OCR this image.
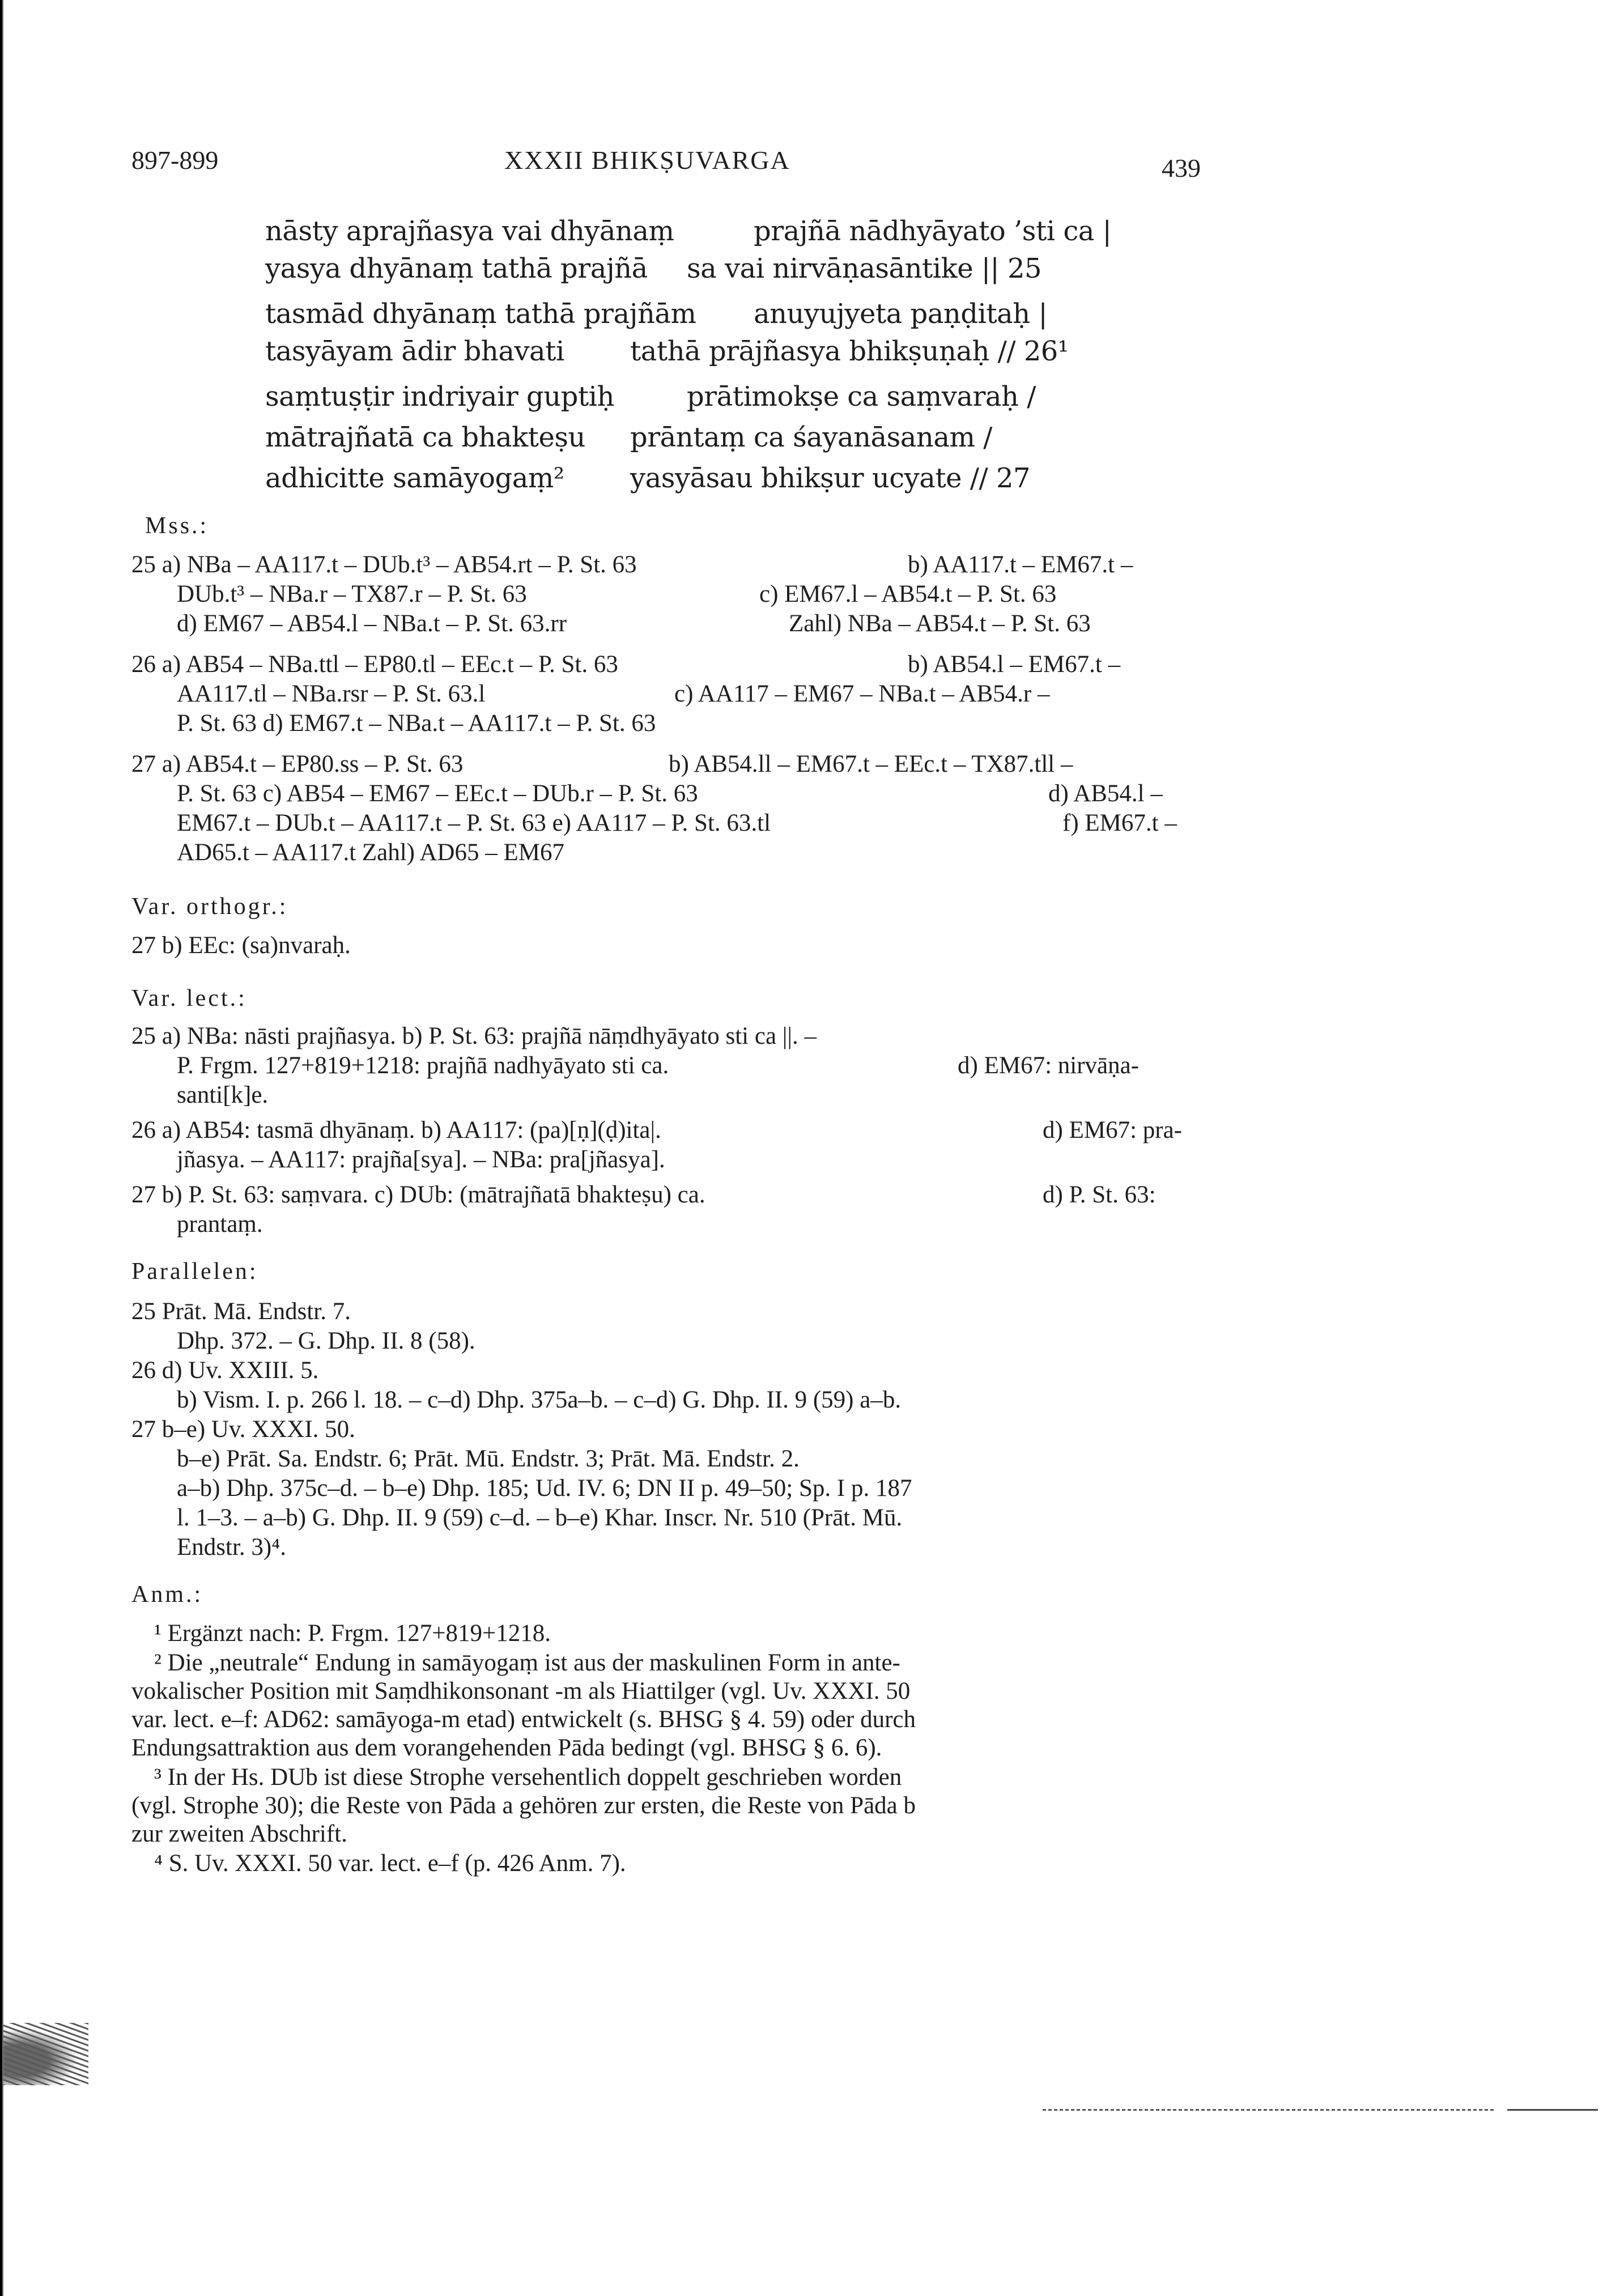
897-899	XXXII BHIKṢUVARGA	439
nāsty aprajñasya vai dhyānaṃ	prajñā nādhyāyato ’sti ca |
yasya dhyānaṃ tathā prajñā sa vai nirvāṇasāntike || 25
tasmād dhyānaṃ tathā prajñām anuyujyeta paṇḍitaḥ |
tasyāyam ādir bhavati tathā prājñasya bhikṣuṇaḥ // 26¹
saṃtuṣṭir indriyair guptiḥ	prātimokṣe ca saṃvaraḥ /
mātrajñatā ca bhakteṣu prāntaṃ ca śayanāsanam /
adhicitte samāyogaṃ² yasyāsau bhikṣur ucyate // 27
Mss.:
25 a) NBa – AA117.t – DUb.t³ – AB54.rt – P. St. 63	b) AA117.t – EM67.t –
DUb.t³ – NBa.r – TX87.r – P. St. 63	c) EM67.l – AB54.t – P. St. 63
d) EM67 – AB54.l – NBa.t – P. St. 63.rr	Zahl) NBa – AB54.t – P. St. 63
26 a) AB54 – NBa.ttl – EP80.tl – EEc.t – P. St. 63	b) AB54.l – EM67.t –
AA117.tl – NBa.rsr – P. St. 63.l	c) AA117 – EM67 – NBa.t – AB54.r –
P. St. 63 d) EM67.t – NBa.t – AA117.t – P. St. 63
27 a) AB54.t – EP80.ss – P. St. 63	b) AB54.ll – EM67.t – EEc.t – TX87.tll –
P. St. 63 c) AB54 – EM67 – EEc.t – DUb.r – P. St. 63	d) AB54.l –
EM67.t – DUb.t – AA117.t – P. St. 63 e) AA117 – P. St. 63.tl	f) EM67.t –
AD65.t – AA117.t Zahl) AD65 – EM67
Var. orthogr.:
27 b) EEc: (sa)nvaraḥ.
Var. lect.:
25 a) NBa: nāsti prajñasya. b) P. St. 63: prajñā nāṃdhyāyato sti ca ||. –
P. Frgm. 127+819+1218: prajñā nadhyāyato sti ca.	d) EM67: nirvāṇa-
santi[k]e.
26 a) AB54: tasmā dhyānaṃ. b) AA117: (pa)[ṇ](ḍ)ita|.	d) EM67: pra-
jñasya. – AA117: prajña[sya]. – NBa: pra[jñasya].
27 b) P. St. 63: saṃvara. c) DUb: (mātrajñatā bhakteṣu) ca.	d) P. St. 63:
prantaṃ.
Parallelen:
25 Prāt. Mā. Endstr. 7.
Dhp. 372. – G. Dhp. II. 8 (58).
26 d) Uv. XXIII. 5.
b) Vism. I. p. 266 l. 18. – c–d) Dhp. 375a–b. – c–d) G. Dhp. II. 9 (59) a–b.
27 b–e) Uv. XXXI. 50.
b–e) Prāt. Sa. Endstr. 6; Prāt. Mū. Endstr. 3; Prāt. Mā. Endstr. 2.
a–b) Dhp. 375c–d. – b–e) Dhp. 185; Ud. IV. 6; DN II p. 49–50; Sp. I p. 187
l. 1–3. – a–b) G. Dhp. II. 9 (59) c–d. – b–e) Khar. Inscr. Nr. 510 (Prāt. Mū.
Endstr. 3)⁴.
Anm.:
¹ Ergänzt nach: P. Frgm. 127+819+1218.
² Die „neutrale“ Endung in samāyogaṃ ist aus der maskulinen Form in ante-
vokalischer Position mit Saṃdhikonsonant -m als Hiattilger (vgl. Uv. XXXI. 50
var. lect. e–f: AD62: samāyoga-m etad) entwickelt (s. BHSG § 4. 59) oder durch
Endungsattraktion aus dem vorangehenden Pāda bedingt (vgl. BHSG § 6. 6).
³ In der Hs. DUb ist diese Strophe versehentlich doppelt geschrieben worden
(vgl. Strophe 30); die Reste von Pāda a gehören zur ersten, die Reste von Pāda b
zur zweiten Abschrift.
⁴ S. Uv. XXXI. 50 var. lect. e–f (p. 426 Anm. 7).
